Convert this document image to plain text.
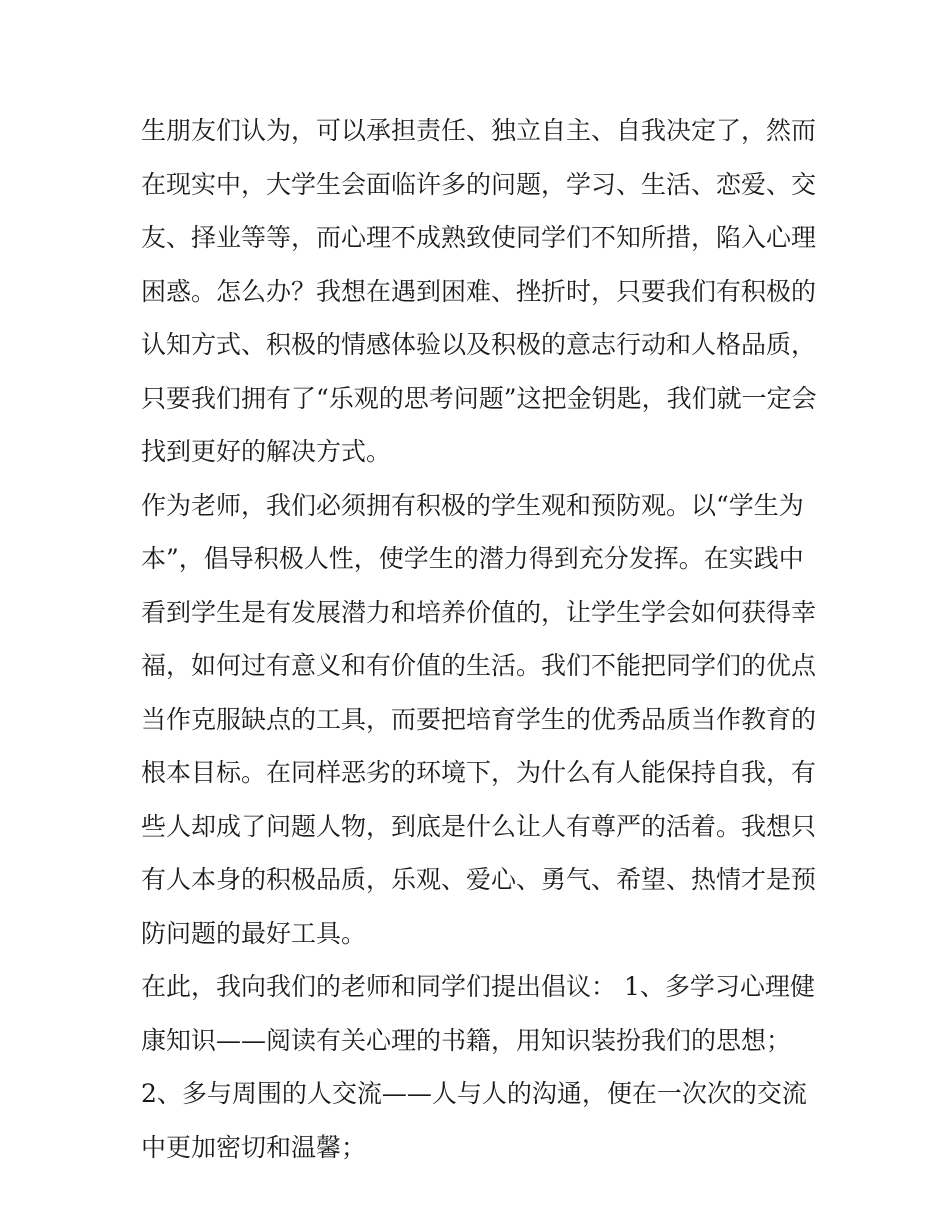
生朋友们认为，可以承担责任、独立自主、自我决定了，然而
在现实中，大学生会面临许多的问题，学习、生活、恋爱、交
友、择业等等，而心理不成熟致使同学们不知所措，陷入心理
困惑。怎么办？我想在遇到困难、挫折时，只要我们有积极的
认知方式、积极的情感体验以及积极的意志行动和人格品质，
只要我们拥有了“乐观的思考问题”这把金钥匙，我们就一定会
找到更好的解决方式。
作为老师，我们必须拥有积极的学生观和预防观。以“学生为
本”，倡导积极人性，使学生的潜力得到充分发挥。在实践中
看到学生是有发展潜力和培养价值的，让学生学会如何获得幸
福，如何过有意义和有价值的生活。我们不能把同学们的优点
当作克服缺点的工具，而要把培育学生的优秀品质当作教育的
根本目标。在同样恶劣的环境下，为什么有人能保持自我，有
些人却成了问题人物，到底是什么让人有尊严的活着。我想只
有人本身的积极品质，乐观、爱心、勇气、希望、热情才是预
防问题的最好工具。
在此，我向我们的老师和同学们提出倡议： 1、多学习心理健
康知识——阅读有关心理的书籍，用知识装扮我们的思想；
2、多与周围的人交流——人与人的沟通，便在一次次的交流
中更加密切和温馨；
